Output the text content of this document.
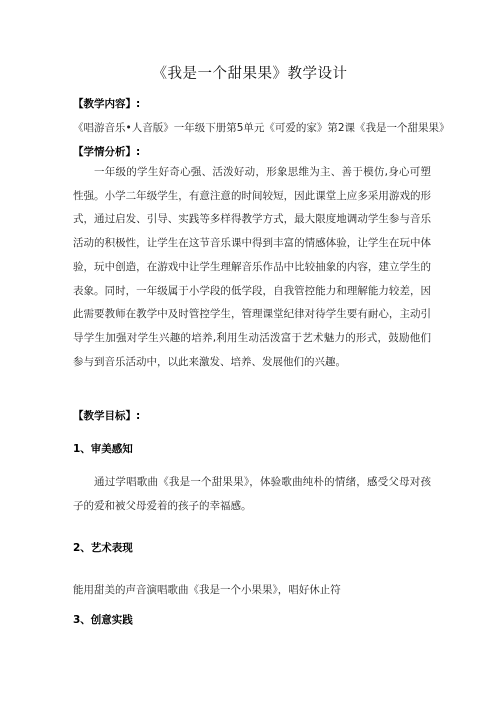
《我是一个甜果果》教学设计
【教学内容】:
《唱游音乐•人音版》一年级下册第5单元《可爱的家》第2课《我是一个甜果果》
【学情分析】:
一年级的学生好奇心强、活泼好动，形象思维为主、善于模仿,身心可塑性强。小学二年级学生，有意注意的时间较短，因此课堂上应多采用游戏的形式，通过启发、引导、实践等多样得教学方式，最大限度地调动学生参与音乐活动的积极性，让学生在这节音乐课中得到丰富的情感体验，让学生在玩中体验，玩中创造，在游戏中让学生理解音乐作品中比较抽象的内容，建立学生的表象。同时，一年级属于小学段的低学段，自我管控能力和理解能力较差，因此需要教师在教学中及时管控学生，管理课堂纪律对待学生要有耐心，主动引导学生加强对学生兴趣的培养,利用生动活泼富于艺术魅力的形式，鼓励他们参与到音乐活动中，以此来激发、培养、发展他们的兴趣。
【教学目标】:
1、审美感知
通过学唱歌曲《我是一个甜果果》，体验歌曲纯朴的情绪，感受父母对孩子的爱和被父母爱着的孩子的幸福感。
2、艺术表现
能用甜美的声音演唱歌曲《我是一个小果果》，唱好休止符
3、创意实践
